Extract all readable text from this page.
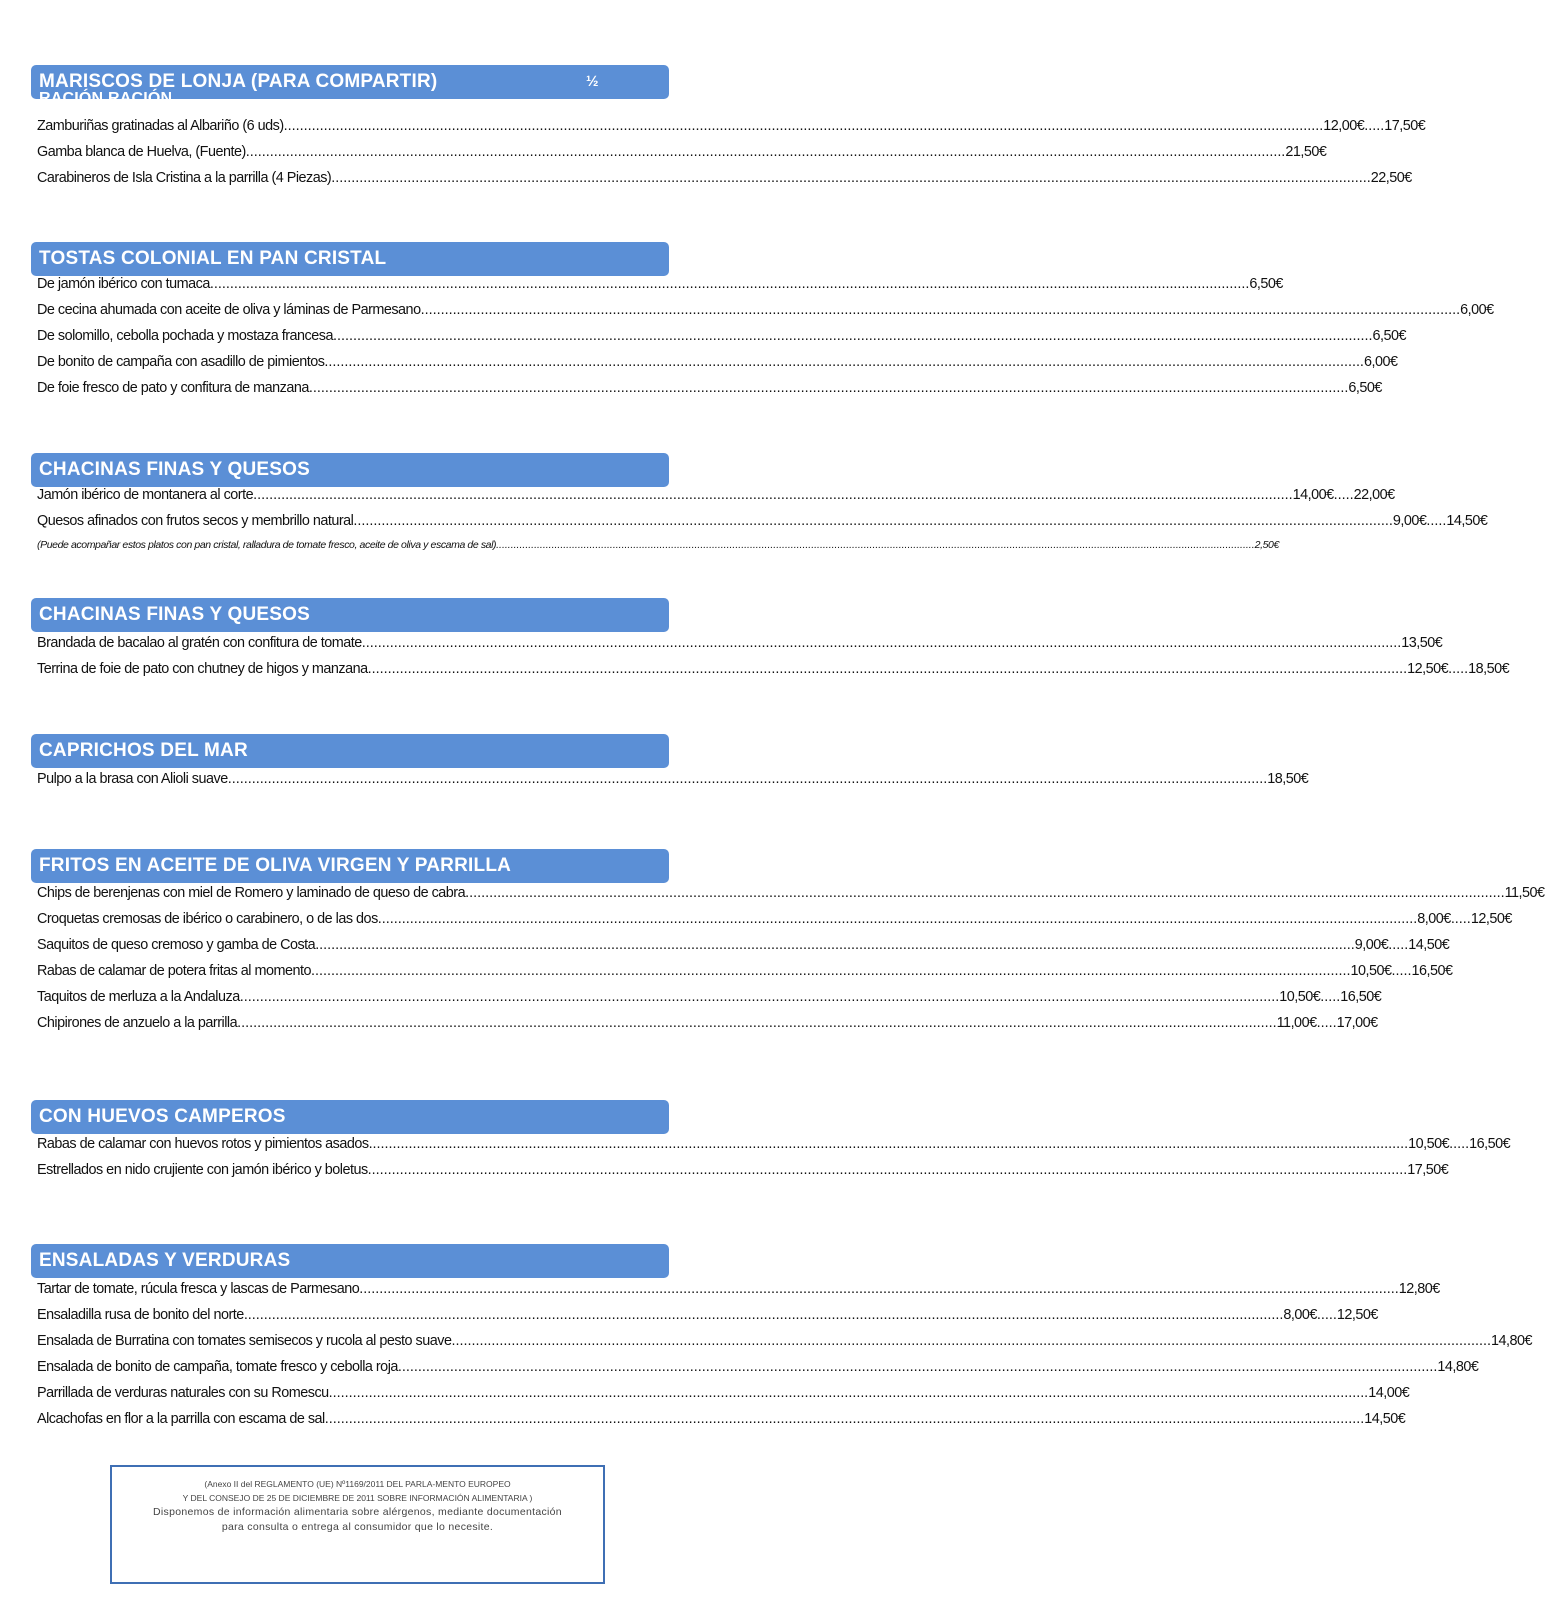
MARISCOS DE LONJA (PARA COMPARTIR)	½
RACIÓN RACIÓN
Zamburiñas gratinadas al Albariño (6 uds) .....	12,00€ ..... 17,50€
Gamba blanca de Huelva, (Fuente) .....	21,50€
Carabineros de Isla Cristina a la parrilla (4 Piezas) .....	22,50€
TOSTAS COLONIAL EN PAN CRISTAL
De jamón ibérico con tumaca .....	6,50€
De cecina ahumada con aceite de oliva y láminas de Parmesano .....	6,00€
De solomillo, cebolla pochada y mostaza francesa .....	6,50€
De bonito de campaña con asadillo de pimientos .....	6,00€
De foie fresco de pato y confitura de manzana .....	6,50€
CHACINAS FINAS Y QUESOS
Jamón ibérico de montanera al corte .....	14,00€ ..... 22,00€
Quesos afinados con frutos secos y membrillo natural .....	9,00€ ..... 14,50€
(Puede acompañar estos platos con pan cristal, ralladura de tomate fresco, aceite de oliva y escama de sal) .....	2,50€
CHACINAS FINAS Y QUESOS
Brandada de bacalao al gratén con confitura de tomate .....	13,50€
Terrina de foie de pato con chutney de higos y manzana .....	12,50€ ..... 18,50€
CAPRICHOS DEL MAR
Pulpo a la brasa con Alioli suave .....	18,50€
FRITOS EN ACEITE DE OLIVA VIRGEN Y PARRILLA
Chips de berenjenas con miel de Romero y laminado de queso de cabra .....	11,50€
Croquetas cremosas de ibérico o carabinero, o de las dos .....	8,00€ ..... 12,50€
Saquitos de queso cremoso y gamba de Costa .....	9,00€ ..... 14,50€
Rabas de calamar de potera fritas al momento .....	10,50€ ..... 16,50€
Taquitos de merluza a la Andaluza .....	10,50€ ..... 16,50€
Chipirones de anzuelo a la parrilla .....	11,00€ ..... 17,00€
CON HUEVOS CAMPEROS
Rabas de calamar con huevos rotos y pimientos asados .....	10,50€ ..... 16,50€
Estrellados en nido crujiente con jamón ibérico y boletus .....	17,50€
ENSALADAS Y VERDURAS
Tartar de tomate, rúcula fresca y lascas de Parmesano .....	12,80€
Ensaladilla rusa de bonito del norte .....	8,00€ ..... 12,50€
Ensalada de Burratina con tomates semisecos y rucola al pesto suave .....	14,80€
Ensalada de bonito de campaña, tomate fresco y cebolla roja .....	14,80€
Parrillada de verduras naturales con su Romescu .....	14,00€
Alcachofas en flor a la parrilla con escama de sal .....	14,50€
(Anexo II del REGLAMENTO (UE) Nº1169/2011 DEL PARLA-MENTO EUROPEO
Y DEL CONSEJO DE 25 DE DICIEMBRE DE 2011 SOBRE INFORMACIÓN ALIMENTARIA )
Disponemos de información alimentaria sobre alérgenos, mediante documentación
para consulta o entrega al consumidor que lo necesite.
